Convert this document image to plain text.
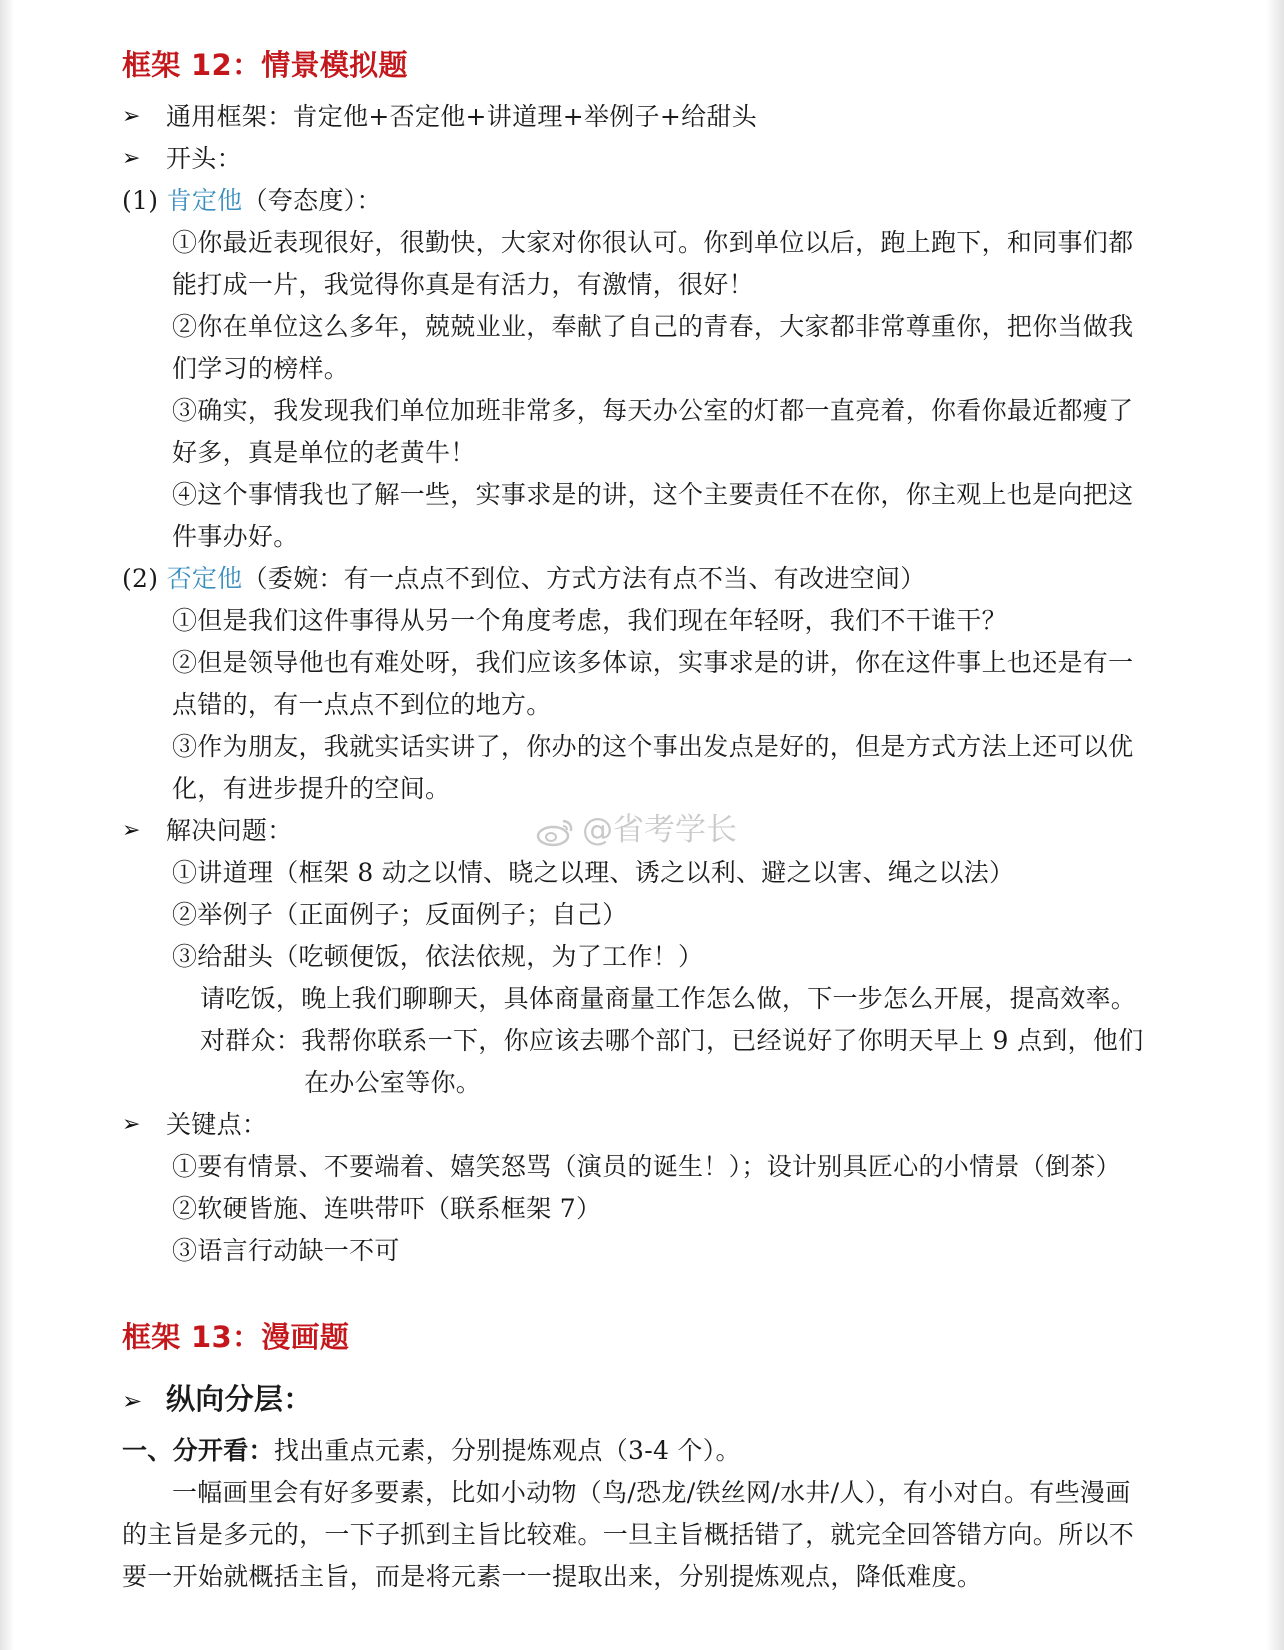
框架 12：情景模拟题
➢ 通用框架：肯定他+否定他+讲道理+举例子+给甜头
➢ 开头：
(1) 肯定他（夸态度）：
①你最近表现很好，很勤快，大家对你很认可。你到单位以后，跑上跑下，和同事们都
能打成一片，我觉得你真是有活力，有激情，很好！
②你在单位这么多年，兢兢业业，奉献了自己的青春，大家都非常尊重你，把你当做我
们学习的榜样。
③确实，我发现我们单位加班非常多，每天办公室的灯都一直亮着，你看你最近都瘦了
好多，真是单位的老黄牛！
④这个事情我也了解一些，实事求是的讲，这个主要责任不在你，你主观上也是向把这
件事办好。
(2) 否定他（委婉：有一点点不到位、方式方法有点不当、有改进空间）
①但是我们这件事得从另一个角度考虑，我们现在年轻呀，我们不干谁干？
②但是领导他也有难处呀，我们应该多体谅，实事求是的讲，你在这件事上也还是有一
点错的，有一点点不到位的地方。
③作为朋友，我就实话实讲了，你办的这个事出发点是好的，但是方式方法上还可以优
化，有进步提升的空间。
➢ 解决问题：	@省考学长
①讲道理（框架 8 动之以情、晓之以理、诱之以利、避之以害、绳之以法）
②举例子（正面例子；反面例子；自己）
③给甜头（吃顿便饭，依法依规，为了工作！）
请吃饭，晚上我们聊聊天，具体商量商量工作怎么做，下一步怎么开展，提高效率。
对群众：我帮你联系一下，你应该去哪个部门，已经说好了你明天早上 9 点到，他们
在办公室等你。
➢ 关键点：
①要有情景、不要端着、嬉笑怒骂（演员的诞生！）；设计别具匠心的小情景（倒茶）
②软硬皆施、连哄带吓（联系框架 7）
③语言行动缺一不可
框架 13：漫画题
➢ 纵向分层：
一、分开看：找出重点元素，分别提炼观点（3-4 个）。
一幅画里会有好多要素，比如小动物（鸟/恐龙/铁丝网/水井/人），有小对白。有些漫画
的主旨是多元的，一下子抓到主旨比较难。一旦主旨概括错了，就完全回答错方向。所以不
要一开始就概括主旨，而是将元素一一提取出来，分别提炼观点，降低难度。
